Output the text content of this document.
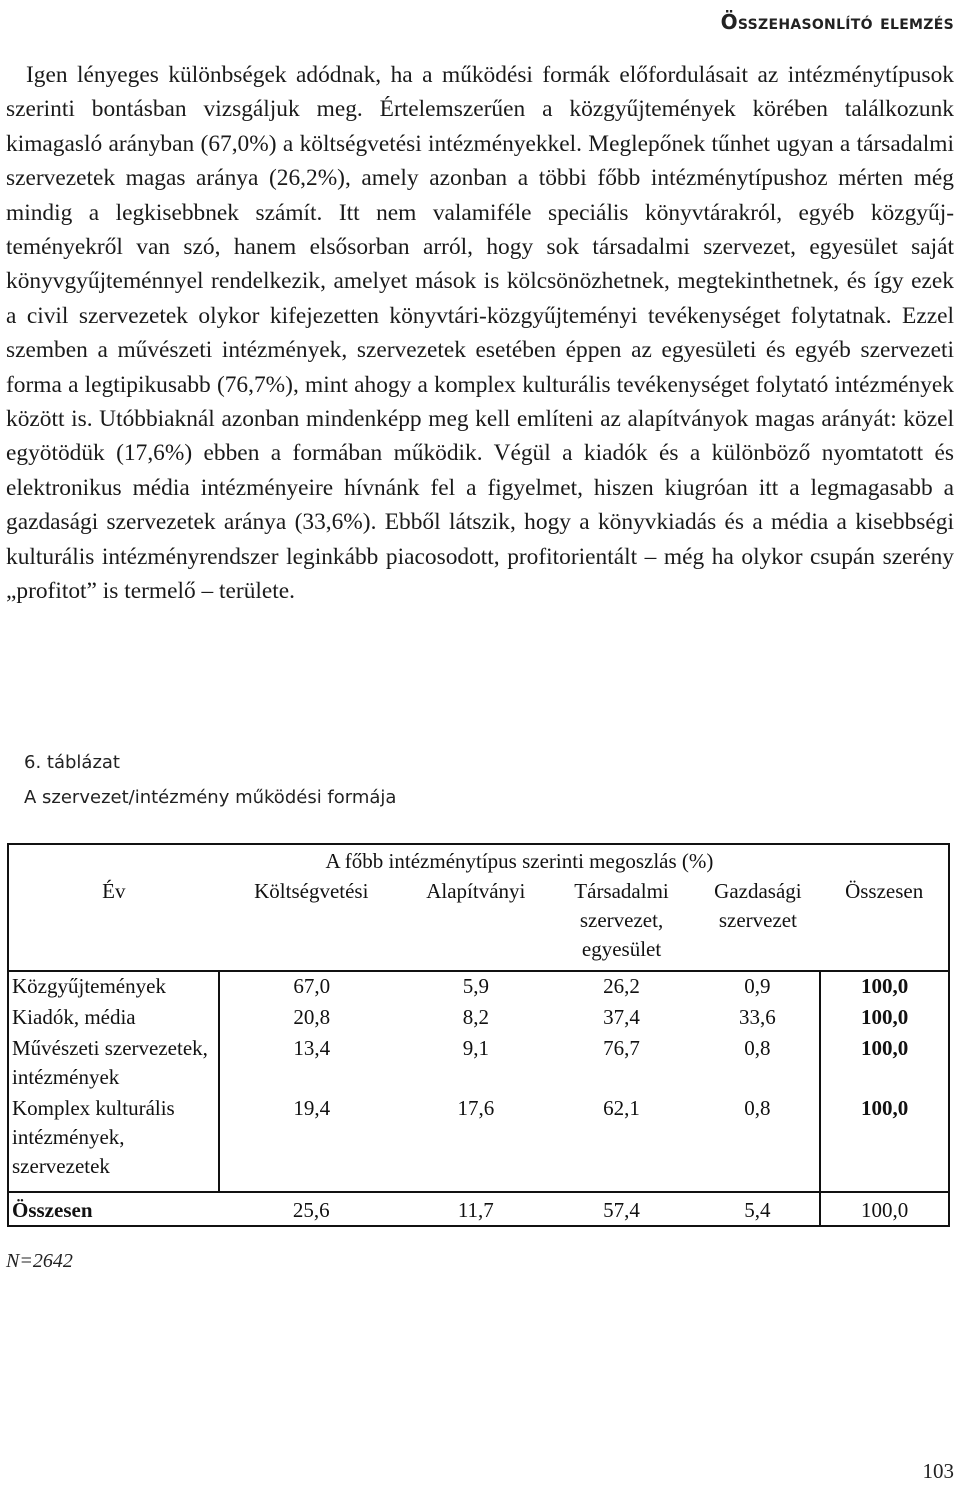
Összehasonlító elemzés

Igen lényeges különbségek adódnak, ha a működési formák előfordulásait az intézménytípusok szerinti bontásban vizsgáljuk meg. Értelemszerűen a közgyűjtemények körében találkozunk kimagasló arányban (67,0%) a költségvetési intézményekkel. Meglepőnek tűnhet ugyan a társadalmi szervezetek magas aránya (26,2%), amely azonban a többi főbb intézménytípushoz mérten még mindig a legkisebbnek számít. Itt nem valamiféle speciális könyvtárakról, egyéb közgyűjteményekről van szó, hanem elsősorban arról, hogy sok társadalmi szervezet, egyesület saját könyvgyűjteménnyel rendelkezik, amelyet mások is kölcsönözhetnek, megtekinthetnek, és így ezek a civil szervezetek olykor kifejezetten könyvtári-közgyűjteményi tevékenységet folytatnak. Ezzel szemben a művészeti intézmények, szervezetek esetében éppen az egyesületi és egyéb szervezeti forma a legtipikusabb (76,7%), mint ahogy a komplex kulturális tevékenységet folytató intézmények között is. Utóbbiaknál azonban mindenképp meg kell említeni az alapítványok magas arányát: közel egyötödük (17,6%) ebben a formában működik. Végül a kiadók és a különböző nyomtatott és elektronikus média intézményeire hívnánk fel a figyelmet, hiszen kiugróan itt a legmagasabb a gazdasági szervezetek aránya (33,6%). Ebből látszik, hogy a könyvkiadás és a média a kisebbségi kulturális intézményrendszer leginkább piacosodott, profitorientált – még ha olykor csupán szerény „profitot” is termelő – területe.

6. táblázat
A szervezet/intézmény működési formája
	A főbb intézménytípus szerinti megoszlás (%)				
Év	Költségvetési	Alapítványi	Társadalmi szervezet, egyesület	Gazdasági szervezet	Összesen
Közgyűjtemények	67,0	5,9	26,2	0,9	100,0
Kiadók, média	20,8	8,2	37,4	33,6	100,0
Művészeti szervezetek, intézmények	13,4	9,1	76,7	0,8	100,0
Komplex kulturális intézmények, szervezetek	19,4	17,6	62,1	0,8	100,0
Összesen	25,6	11,7	57,4	5,4	100,0
N=2642
103
